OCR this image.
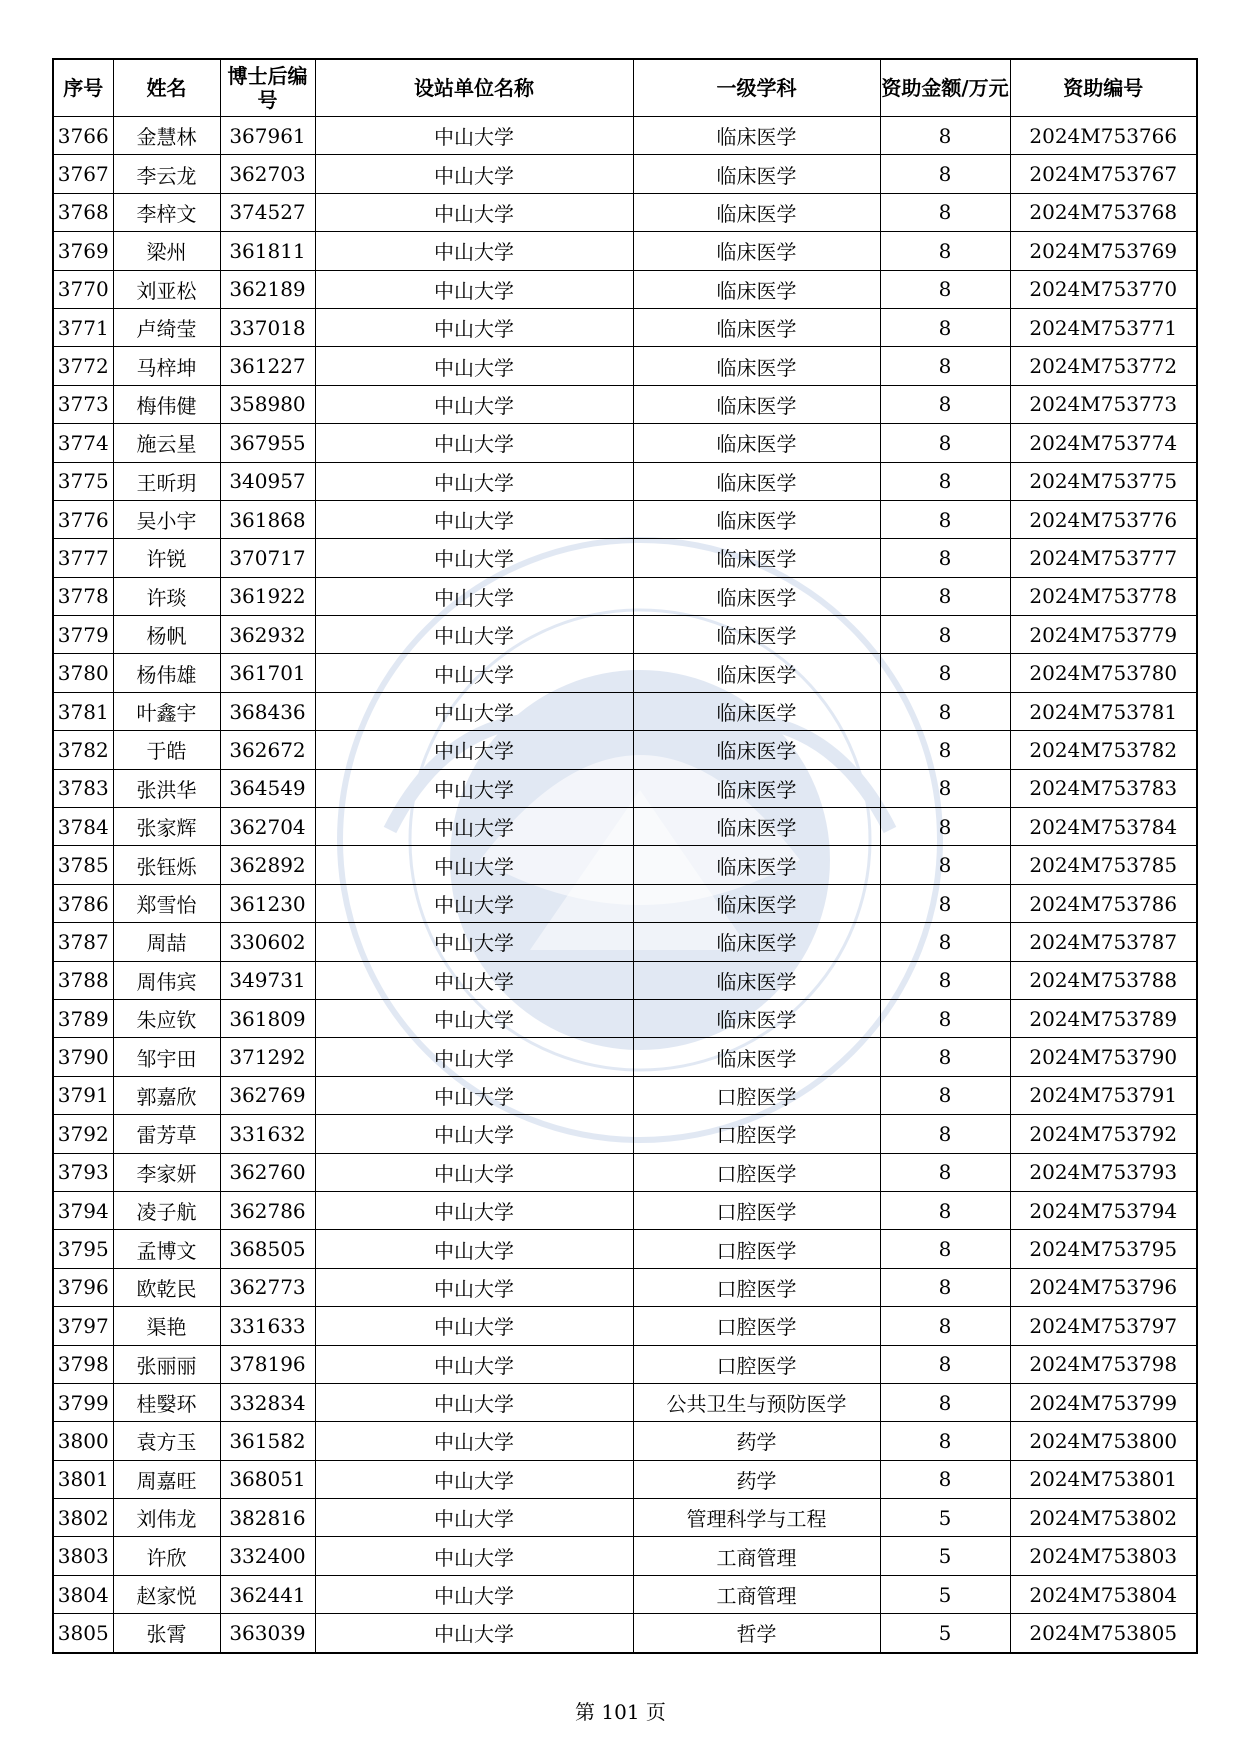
序号	姓名	博士后编号	设站单位名称	一级学科	资助金额/万元	资助编号
3766	金慧林	367961	中山大学	临床医学	8	2024M753766
3767	李云龙	362703	中山大学	临床医学	8	2024M753767
3768	李梓文	374527	中山大学	临床医学	8	2024M753768
3769	梁州	361811	中山大学	临床医学	8	2024M753769
3770	刘亚松	362189	中山大学	临床医学	8	2024M753770
3771	卢绮莹	337018	中山大学	临床医学	8	2024M753771
3772	马梓坤	361227	中山大学	临床医学	8	2024M753772
3773	梅伟健	358980	中山大学	临床医学	8	2024M753773
3774	施云星	367955	中山大学	临床医学	8	2024M753774
3775	王昕玥	340957	中山大学	临床医学	8	2024M753775
3776	吴小宇	361868	中山大学	临床医学	8	2024M753776
3777	许锐	370717	中山大学	临床医学	8	2024M753777
3778	许琰	361922	中山大学	临床医学	8	2024M753778
3779	杨帆	362932	中山大学	临床医学	8	2024M753779
3780	杨伟雄	361701	中山大学	临床医学	8	2024M753780
3781	叶鑫宇	368436	中山大学	临床医学	8	2024M753781
3782	于皓	362672	中山大学	临床医学	8	2024M753782
3783	张洪华	364549	中山大学	临床医学	8	2024M753783
3784	张家辉	362704	中山大学	临床医学	8	2024M753784
3785	张钰烁	362892	中山大学	临床医学	8	2024M753785
3786	郑雪怡	361230	中山大学	临床医学	8	2024M753786
3787	周喆	330602	中山大学	临床医学	8	2024M753787
3788	周伟宾	349731	中山大学	临床医学	8	2024M753788
3789	朱应钦	361809	中山大学	临床医学	8	2024M753789
3790	邹宇田	371292	中山大学	临床医学	8	2024M753790
3791	郭嘉欣	362769	中山大学	口腔医学	8	2024M753791
3792	雷芳草	331632	中山大学	口腔医学	8	2024M753792
3793	李家妍	362760	中山大学	口腔医学	8	2024M753793
3794	凌子航	362786	中山大学	口腔医学	8	2024M753794
3795	孟博文	368505	中山大学	口腔医学	8	2024M753795
3796	欧乾民	362773	中山大学	口腔医学	8	2024M753796
3797	渠艳	331633	中山大学	口腔医学	8	2024M753797
3798	张丽丽	378196	中山大学	口腔医学	8	2024M753798
3799	桂嫛环	332834	中山大学	公共卫生与预防医学	8	2024M753799
3800	袁方玉	361582	中山大学	药学	8	2024M753800
3801	周嘉旺	368051	中山大学	药学	8	2024M753801
3802	刘伟龙	382816	中山大学	管理科学与工程	5	2024M753802
3803	许欣	332400	中山大学	工商管理	5	2024M753803
3804	赵家悦	362441	中山大学	工商管理	5	2024M753804
3805	张霄	363039	中山大学	哲学	5	2024M753805
第 101 页
